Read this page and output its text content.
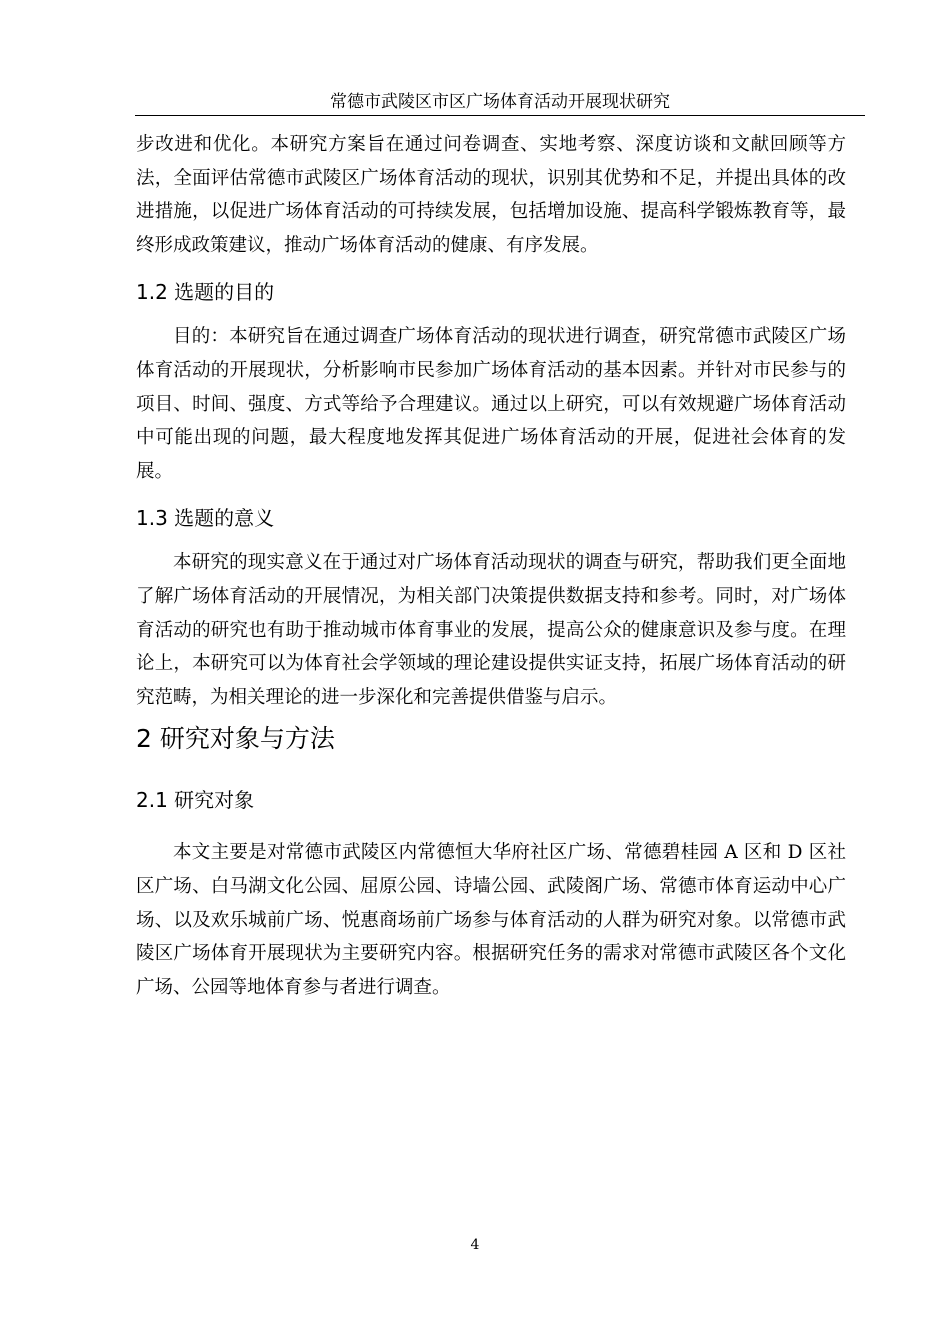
常德市武陵区市区广场体育活动开展现状研究

步改进和优化。本研究方案旨在通过问卷调查、实地考察、深度访谈和文献回顾等方法，全面评估常德市武陵区广场体育活动的现状，识别其优势和不足，并提出具体的改进措施，以促进广场体育活动的可持续发展，包括增加设施、提高科学锻炼教育等，最终形成政策建议，推动广场体育活动的健康、有序发展。

1.2 选题的目的

目的：本研究旨在通过调查广场体育活动的现状进行调查，研究常德市武陵区广场体育活动的开展现状，分析影响市民参加广场体育活动的基本因素。并针对市民参与的项目、时间、强度、方式等给予合理建议。通过以上研究，可以有效规避广场体育活动中可能出现的问题，最大程度地发挥其促进广场体育活动的开展，促进社会体育的发展。

1.3 选题的意义

本研究的现实意义在于通过对广场体育活动现状的调查与研究，帮助我们更全面地了解广场体育活动的开展情况，为相关部门决策提供数据支持和参考。同时，对广场体育活动的研究也有助于推动城市体育事业的发展，提高公众的健康意识及参与度。在理论上，本研究可以为体育社会学领域的理论建设提供实证支持，拓展广场体育活动的研究范畴，为相关理论的进一步深化和完善提供借鉴与启示。

2 研究对象与方法
2.1 研究对象

本文主要是对常德市武陵区内常德恒大华府社区广场、常德碧桂园 A 区和 D 区社区广场、白马湖文化公园、屈原公园、诗墙公园、武陵阁广场、常德市体育运动中心广场、以及欢乐城前广场、悦惠商场前广场参与体育活动的人群为研究对象。以常德市武陵区广场体育开展现状为主要研究内容。根据研究任务的需求对常德市武陵区各个文化广场、公园等地体育参与者进行调查。

4
